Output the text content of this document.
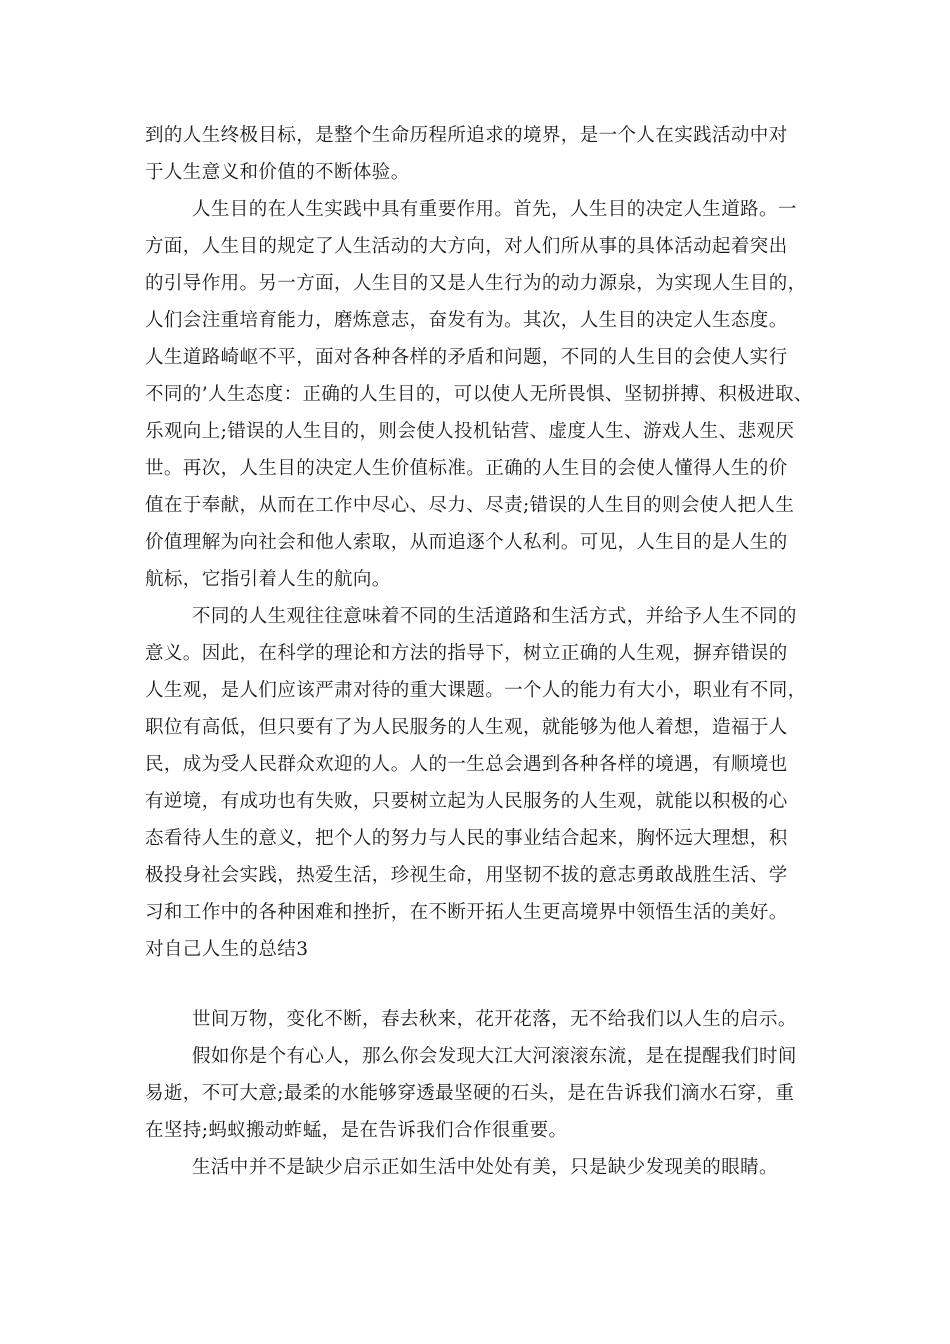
到的人生终极目标，是整个生命历程所追求的境界，是一个人在实践活动中对
于人生意义和价值的不断体验。
人生目的在人生实践中具有重要作用。首先，人生目的决定人生道路。一
方面，人生目的规定了人生活动的大方向，对人们所从事的具体活动起着突出
的引导作用。另一方面，人生目的又是人生行为的动力源泉，为实现人生目的，
人们会注重培育能力，磨炼意志，奋发有为。其次，人生目的决定人生态度。
人生道路崎岖不平，面对各种各样的矛盾和问题，不同的人生目的会使人实行
不同的’人生态度：正确的人生目的，可以使人无所畏惧、坚韧拼搏、积极进取、
乐观向上;错误的人生目的，则会使人投机钻营、虚度人生、游戏人生、悲观厌
世。再次，人生目的决定人生价值标准。正确的人生目的会使人懂得人生的价
值在于奉献，从而在工作中尽心、尽力、尽责;错误的人生目的则会使人把人生
价值理解为向社会和他人索取，从而追逐个人私利。可见，人生目的是人生的
航标，它指引着人生的航向。
不同的人生观往往意味着不同的生活道路和生活方式，并给予人生不同的
意义。因此，在科学的理论和方法的指导下，树立正确的人生观，摒弃错误的
人生观，是人们应该严肃对待的重大课题。一个人的能力有大小，职业有不同，
职位有高低，但只要有了为人民服务的人生观，就能够为他人着想，造福于人
民，成为受人民群众欢迎的人。人的一生总会遇到各种各样的境遇，有顺境也
有逆境，有成功也有失败，只要树立起为人民服务的人生观，就能以积极的心
态看待人生的意义，把个人的努力与人民的事业结合起来，胸怀远大理想，积
极投身社会实践，热爱生活，珍视生命，用坚韧不拔的意志勇敢战胜生活、学
习和工作中的各种困难和挫折，在不断开拓人生更高境界中领悟生活的美好。
对自己人生的总结3
世间万物，变化不断，春去秋来，花开花落，无不给我们以人生的启示。
假如你是个有心人，那么你会发现大江大河滚滚东流，是在提醒我们时间
易逝，不可大意;最柔的水能够穿透最坚硬的石头，是在告诉我们滴水石穿，重
在坚持;蚂蚁搬动蚱蜢，是在告诉我们合作很重要。
生活中并不是缺少启示正如生活中处处有美，只是缺少发现美的眼睛。
